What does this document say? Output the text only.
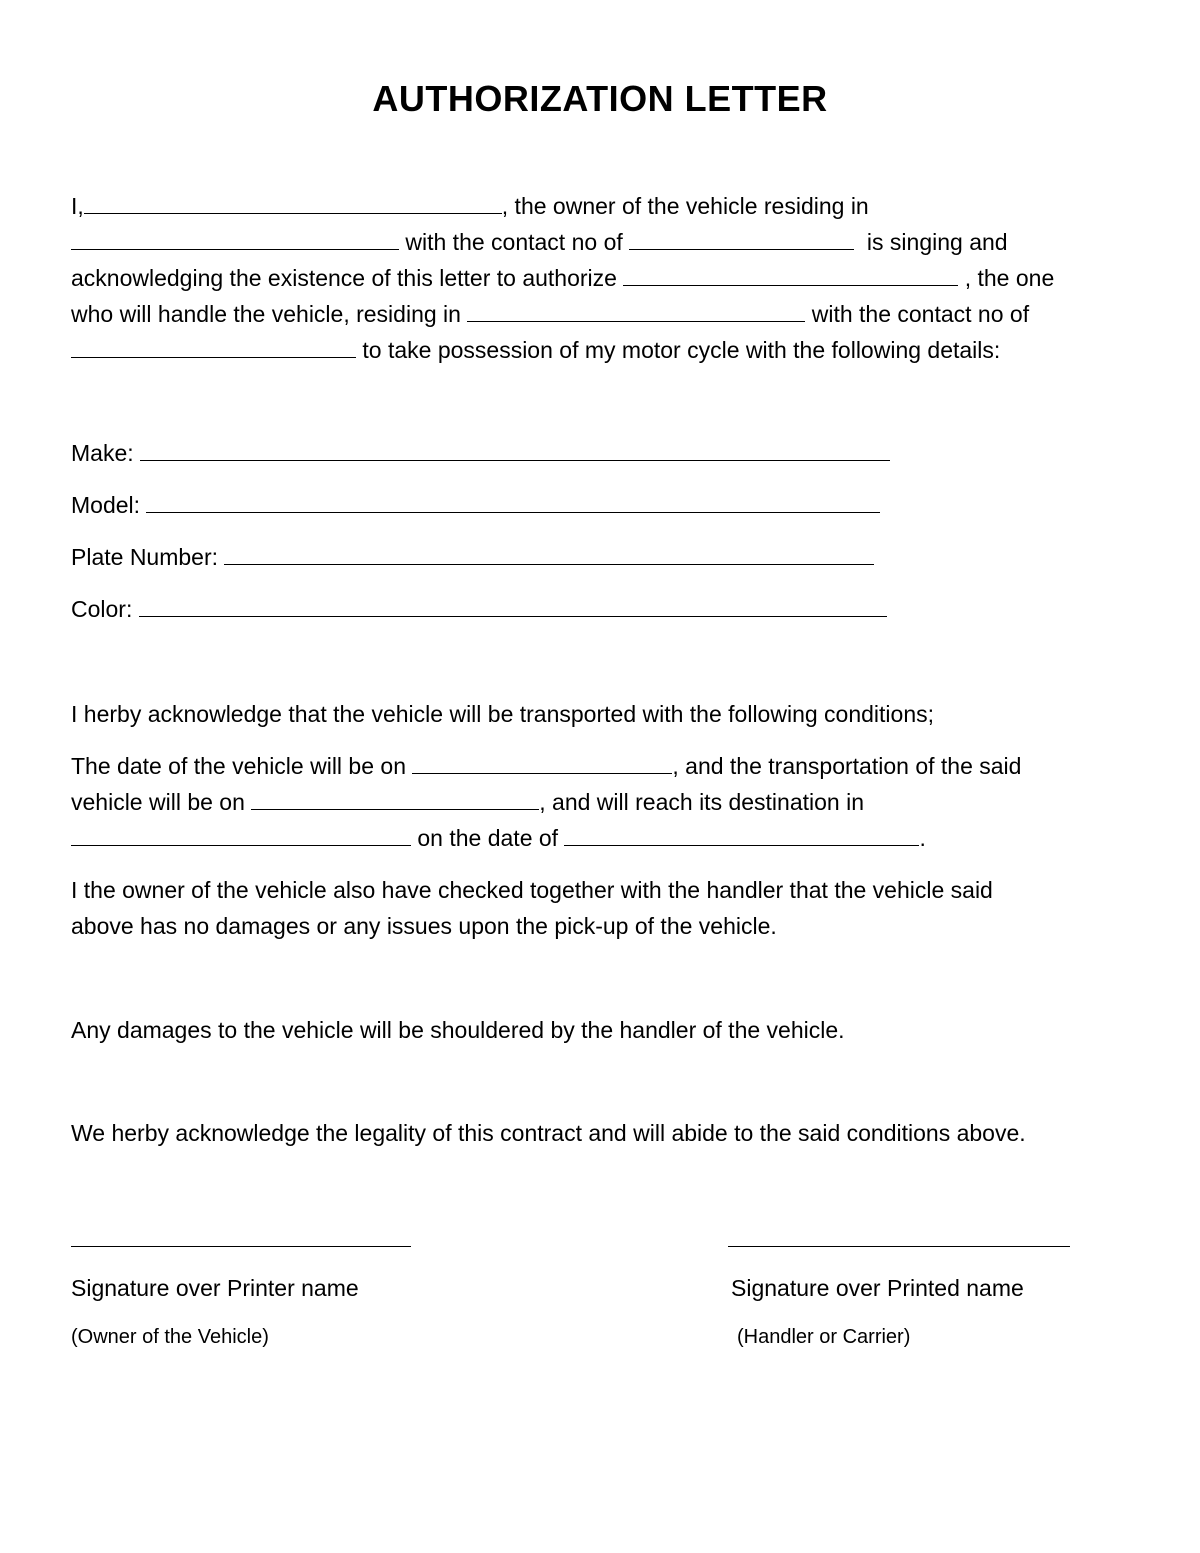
AUTHORIZATION LETTER
I,	, the owner of the vehicle residing in
with the contact no of	is singing and
acknowledging the existence of this letter to authorize	, the one
who will handle the vehicle, residing in	with the contact no of
to take possession of my motor cycle with the following details:
Make:
Model:
Plate Number:
Color:
I herby acknowledge that the vehicle will be transported with the following conditions;
The date of the vehicle will be on	, and the transportation of the said
vehicle will be on	, and will reach its destination in
on the date of	.
I the owner of the vehicle also have checked together with the handler that the vehicle said
above has no damages or any issues upon the pick-up of the vehicle.
Any damages to the vehicle will be shouldered by the handler of the vehicle.
We herby acknowledge the legality of this contract and will abide to the said conditions above.
Signature over Printer name	Signature over Printed name
(Owner of the Vehicle)	(Handler or Carrier)
